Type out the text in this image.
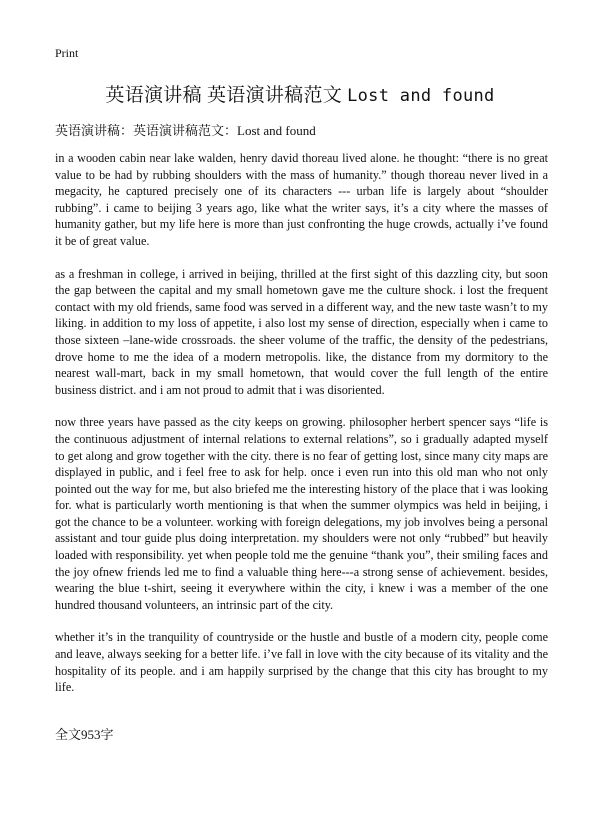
Print
英语演讲稿 英语演讲稿范文 Lost and found
英语演讲稿：英语演讲稿范文：Lost and found

in a wooden cabin near lake walden, henry david thoreau lived alone. he thought: “there is no great value to be had by rubbing shoulders with the mass of humanity.” though thoreau never lived in a megacity, he captured precisely one of its characters --- urban life is largely about “shoulder rubbing”. i came to beijing 3 years ago, like what the writer says, it’s a city where the masses of humanity gather, but my life here is more than just confronting the huge crowds, actually i’ve found it be of great value.

as a freshman in college, i arrived in beijing, thrilled at the first sight of this dazzling city, but soon the gap between the capital and my small hometown gave me the culture shock. i lost the frequent contact with my old friends, same food was served in a different way, and the new taste wasn’t to my liking. in addition to my loss of appetite, i also lost my sense of direction, especially when i came to those sixteen –lane-wide crossroads. the sheer volume of the traffic, the density of the pedestrians, drove home to me the idea of a modern metropolis. like, the distance from my dormitory to the nearest wall-mart, back in my small hometown, that would cover the full length of the entire business district. and i am not proud to admit that i was disoriented.

now three years have passed as the city keeps on growing. philosopher herbert spencer says “life is the continuous adjustment of internal relations to external relations”, so i gradually adapted myself to get along and grow together with the city. there is no fear of getting lost, since many city maps are displayed in public, and i feel free to ask for help. once i even run into this old man who not only pointed out the way for me, but also briefed me the interesting history of the place that i was looking for. what is particularly worth mentioning is that when the summer olympics was held in beijing, i got the chance to be a volunteer. working with foreign delegations, my job involves being a personal assistant and tour guide plus doing interpretation. my shoulders were not only “rubbed” but heavily loaded with responsibility. yet when people told me the genuine “thank you”, their smiling faces and the joy ofnew friends led me to find a valuable thing here---a strong sense of achievement. besides, wearing the blue t-shirt, seeing it everywhere within the city, i knew i was a member of the one hundred thousand volunteers, an intrinsic part of the city.

whether it’s in the tranquility of countryside or the hustle and bustle of a modern city, people come and leave, always seeking for a better life. i’ve fall in love with the city because of its vitality and the hospitality of its people. and i am happily surprised by the change that this city has brought to my life.

全文953字
